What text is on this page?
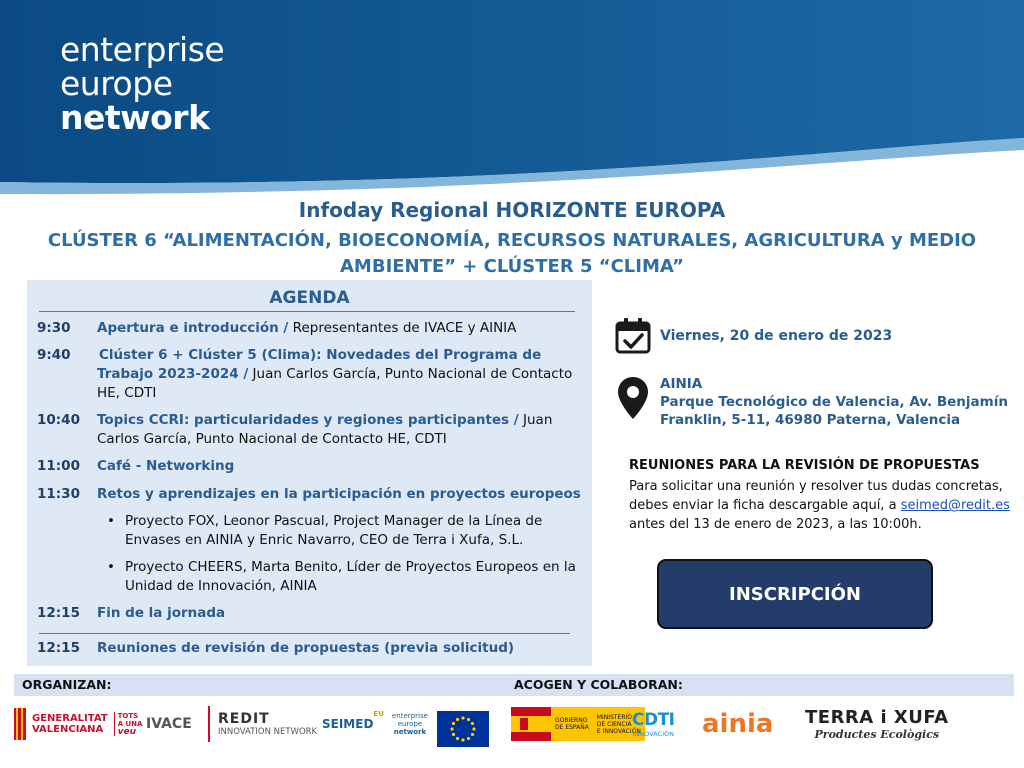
enterprise
europe
network
Infoday Regional HORIZONTE EUROPA
CLÚSTER 6 “ALIMENTACIÓN, BIOECONOMÍA, RECURSOS NATURALES, AGRICULTURA y MEDIO AMBIENTE” + CLÚSTER 5 “CLIMA”
AGENDA
9:30 Apertura e introducción / Representantes de IVACE y AINIA
9:40 Clúster 6 + Clúster 5 (Clima): Novedades del Programa de Trabajo 2023-2024 / Juan Carlos García, Punto Nacional de Contacto HE, CDTI
10:40 Topics CCRI: particularidades y regiones participantes / Juan Carlos García, Punto Nacional de Contacto HE, CDTI
11:00 Café - Networking
11:30 Retos y aprendizajes en la participación en proyectos europeos
• Proyecto FOX, Leonor Pascual, Project Manager de la Línea de Envases en AINIA y Enric Navarro, CEO de Terra i Xufa, S.L.
• Proyecto CHEERS, Marta Benito, Líder de Proyectos Europeos en la Unidad de Innovación, AINIA
12:15 Fin de la jornada
12:15 Reuniones de revisión de propuestas (previa solicitud)
Viernes, 20 de enero de 2023
AINIA
Parque Tecnológico de Valencia, Av. Benjamín Franklin, 5-11, 46980 Paterna, Valencia
REUNIONES PARA LA REVISIÓN DE PROPUESTAS
Para solicitar una reunión y resolver tus dudas concretas, debes enviar la ficha descargable aquí, a seimed@redit.es antes del 13 de enero de 2023, a las 10:00h.
INSCRIPCIÓN
ORGANIZAN:	ACOGEN Y COLABORAN:
GENERALITAT
VALENCIANA
TOTS
A UNA
veu IVACE REDIT
INNOVATION NETWORK
SEIMED
EU enterprise
europe
network
GOBIERNO
DE ESPAÑA
MINISTERIO
DE CIENCIA
E INNOVACIÓN
CDTI
INNOVACIÓN ainia TERRA i XUFA
Productes Ecològics
